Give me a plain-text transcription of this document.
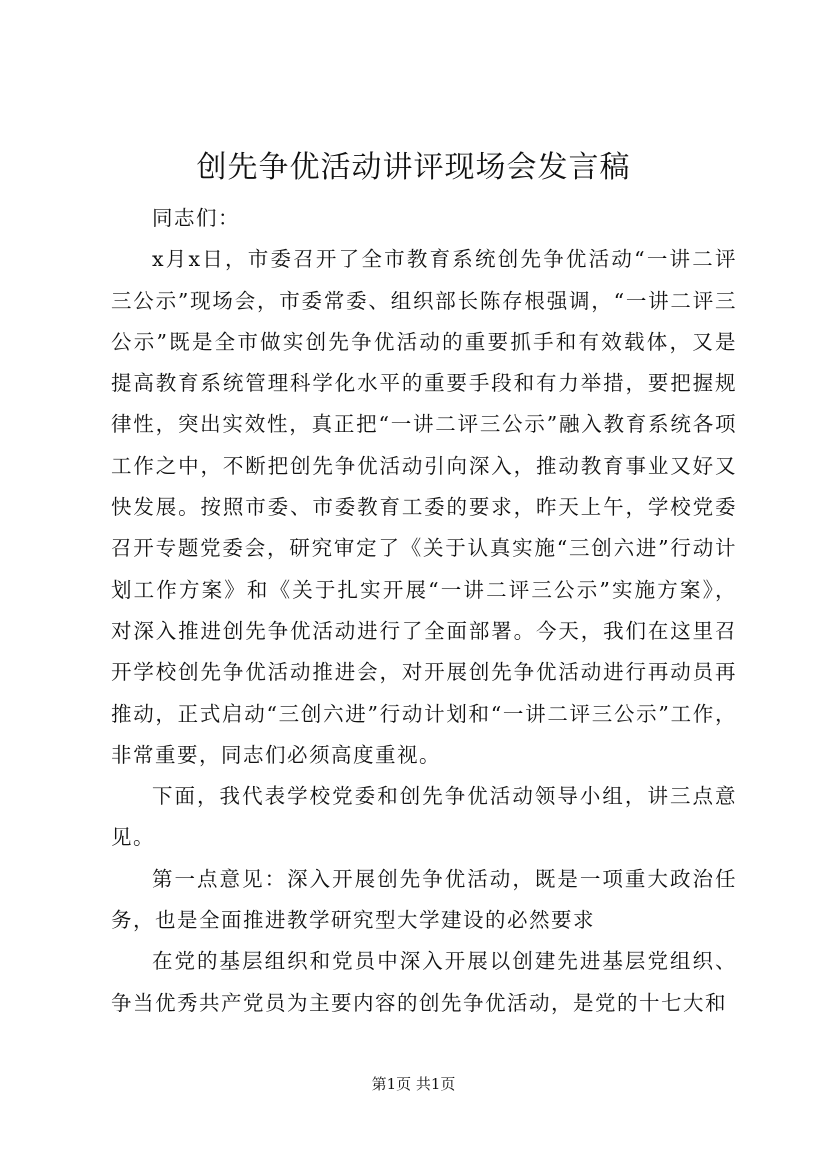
创先争优活动讲评现场会发言稿

同志们：

x月x日，市委召开了全市教育系统创先争优活动“一讲二评三公示”现场会，市委常委、组织部长陈存根强调，“一讲二评三公示”既是全市做实创先争优活动的重要抓手和有效载体，又是提高教育系统管理科学化水平的重要手段和有力举措，要把握规律性，突出实效性，真正把“一讲二评三公示”融入教育系统各项工作之中，不断把创先争优活动引向深入，推动教育事业又好又快发展。按照市委、市委教育工委的要求，昨天上午，学校党委召开专题党委会，研究审定了《关于认真实施“三创六进”行动计划工作方案》和《关于扎实开展“一讲二评三公示”实施方案》，对深入推进创先争优活动进行了全面部署。今天，我们在这里召开学校创先争优活动推进会，对开展创先争优活动进行再动员再推动，正式启动“三创六进”行动计划和“一讲二评三公示”工作，非常重要，同志们必须高度重视。

下面，我代表学校党委和创先争优活动领导小组，讲三点意见。

第一点意见：深入开展创先争优活动，既是一项重大政治任务，也是全面推进教学研究型大学建设的必然要求

在党的基层组织和党员中深入开展以创建先进基层党组织、争当优秀共产党员为主要内容的创先争优活动，是党的十七大和

第1页 共1页
